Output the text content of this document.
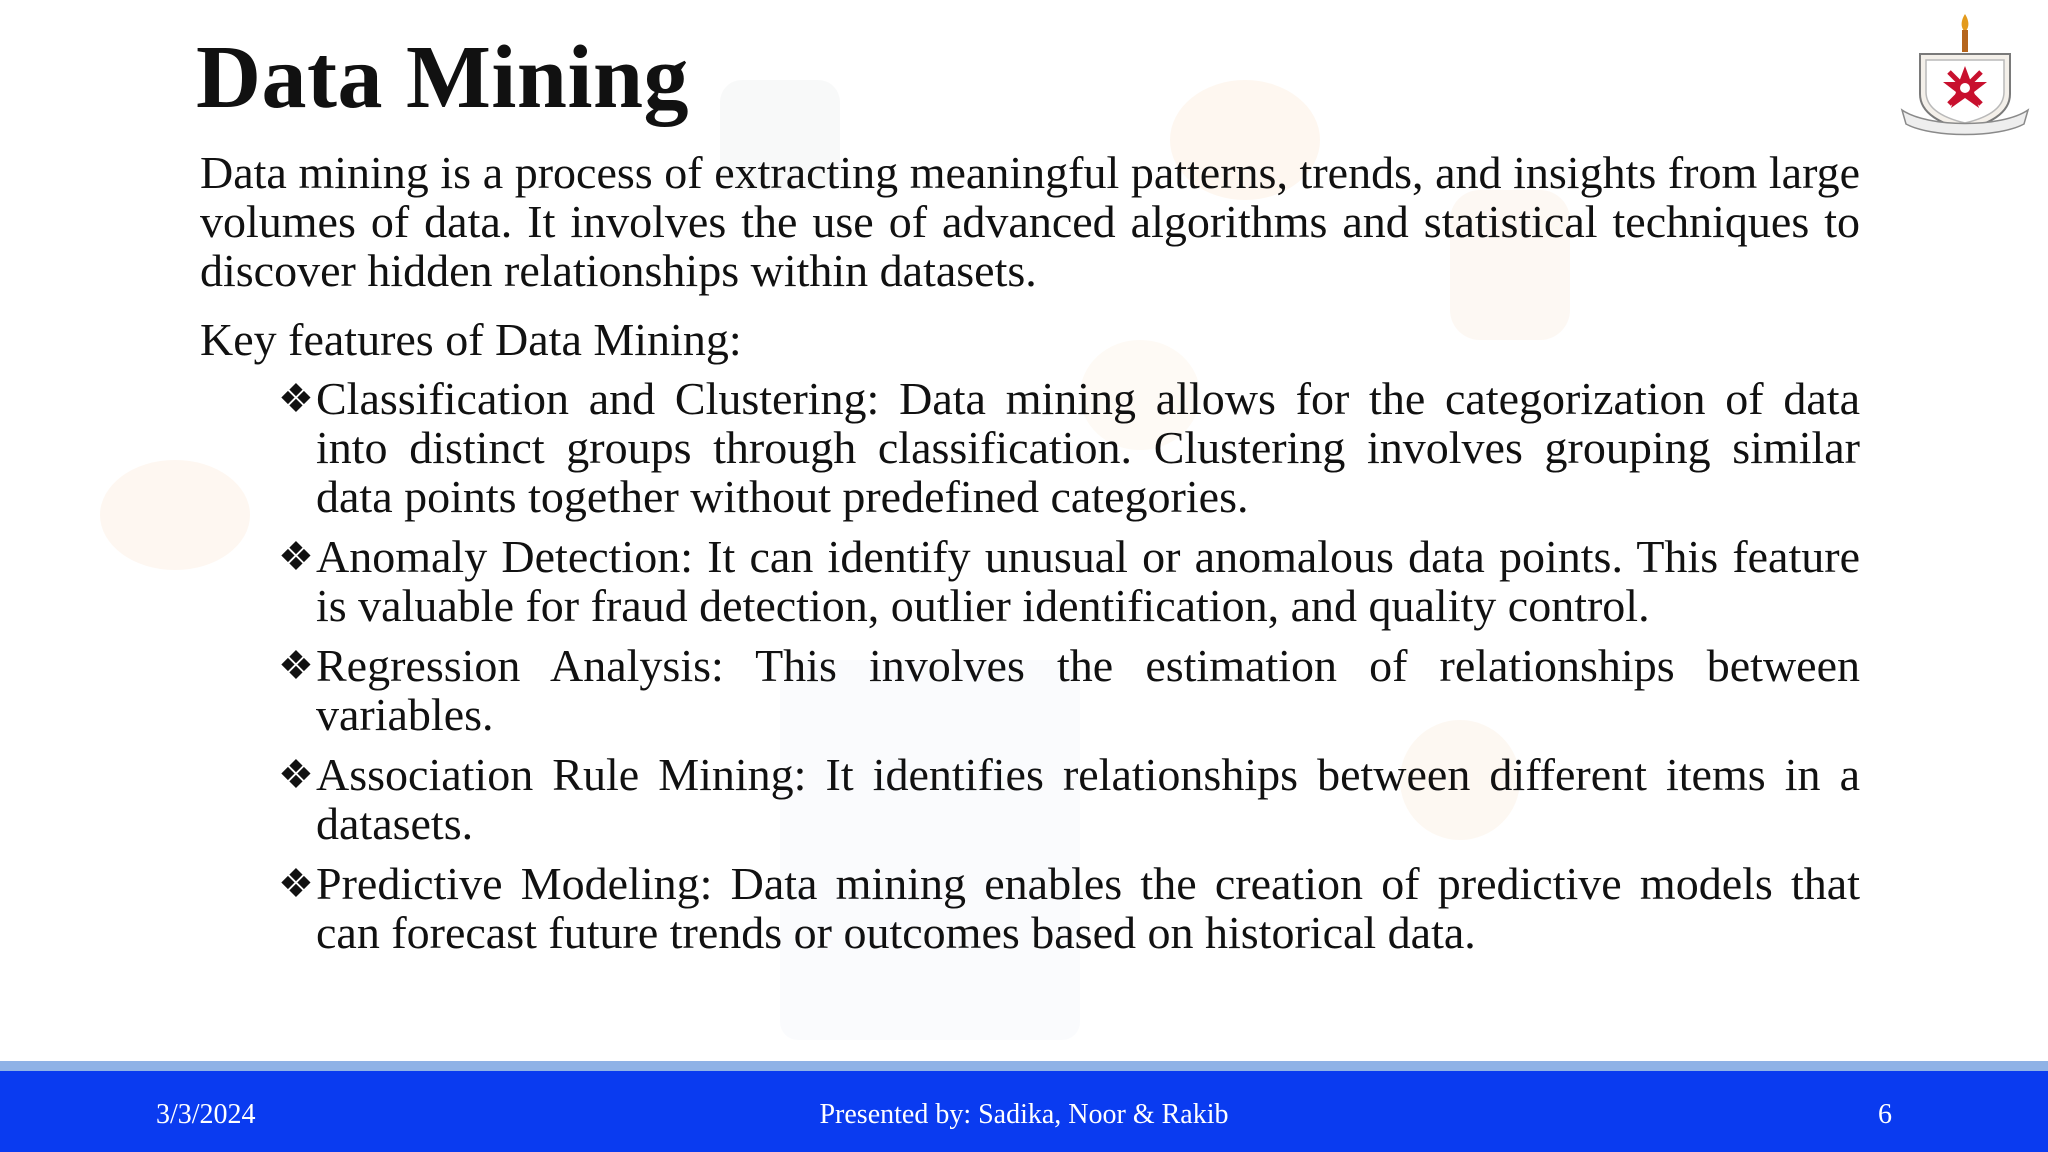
Data Mining

Data mining is a process of extracting meaningful patterns, trends, and insights from large volumes of data. It involves the use of advanced algorithms and statistical techniques to discover hidden relationships within datasets.

Key features of Data Mining:

❖ Classification and Clustering: Data mining allows for the categorization of data into distinct groups through classification. Clustering involves grouping similar data points together without predefined categories.
❖ Anomaly Detection: It can identify unusual or anomalous data points. This feature is valuable for fraud detection, outlier identification, and quality control.
❖ Regression Analysis: This involves the estimation of relationships between variables.
❖ Association Rule Mining: It identifies relationships between different items in a datasets.
❖ Predictive Modeling: Data mining enables the creation of predictive models that can forecast future trends or outcomes based on historical data.
3/3/2024	Presented by: Sadika, Noor & Rakib	6
